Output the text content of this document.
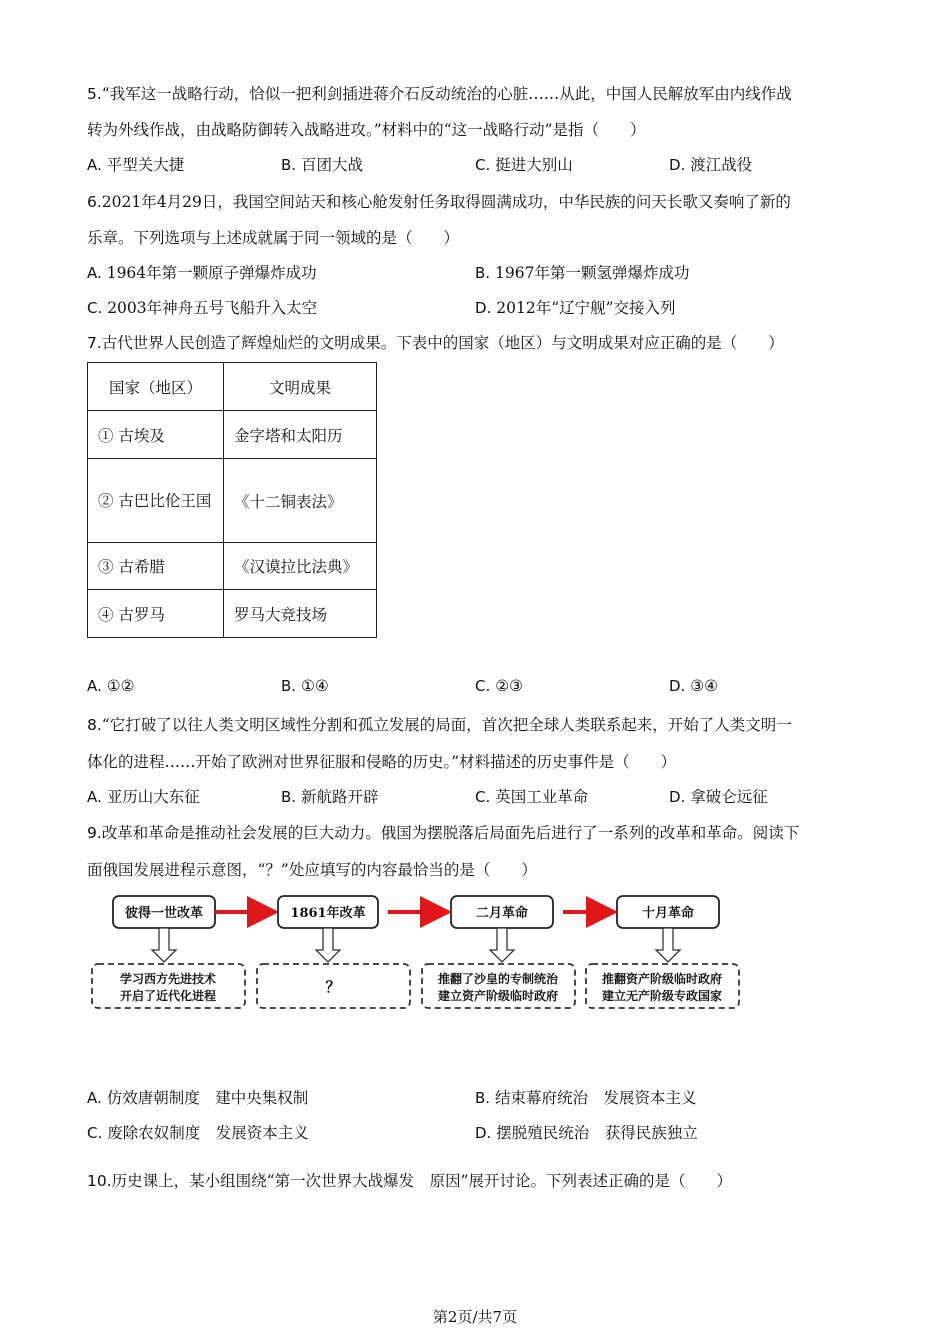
5.“我军这一战略行动，恰似一把利剑插进蒋介石反动统治的心脏……从此，中国人民解放军由内线作战
转为外线作战，由战略防御转入战略进攻。”材料中的“这一战略行动”是指（　　）
A. 平型关大捷	B. 百团大战	C. 挺进大别山	D. 渡江战役
6.2021年4月29日，我国空间站天和核心舱发射任务取得圆满成功，中华民族的问天长歌又奏响了新的
乐章。下列选项与上述成就属于同一领域的是（　　）
A. 1964年第一颗原子弹爆炸成功	B. 1967年第一颗氢弹爆炸成功
C. 2003年神舟五号飞船升入太空	D. 2012年“辽宁舰”交接入列
7.古代世界人民创造了辉煌灿烂的文明成果。下表中的国家（地区）与文明成果对应正确的是（　　）
国家（地区）	文明成果
① 古埃及	金字塔和太阳历
② 古巴比伦王国	《十二铜表法》
③ 古希腊	《汉谟拉比法典》
④ 古罗马	罗马大竞技场
A. ①②	B. ①④	C. ②③	D. ③④
8.“它打破了以往人类文明区域性分割和孤立发展的局面，首次把全球人类联系起来，开始了人类文明一
体化的进程……开始了欧洲对世界征服和侵略的历史。”材料描述的历史事件是（　　）
A. 亚历山大东征	B. 新航路开辟	C. 英国工业革命	D. 拿破仑远征
9.改革和革命是推动社会发展的巨大动力。俄国为摆脱落后局面先后进行了一系列的改革和革命。阅读下
面俄国发展进程示意图，“？”处应填写的内容最恰当的是（　　）
彼得一世改革	1861年改革	二月革命	十月革命
学习西方先进技术
开启了近代化进程	？	推翻了沙皇的专制统治
建立资产阶级临时政府
推翻资产阶级临时政府
建立无产阶级专政国家
A. 仿效唐朝制度　建中央集权制	B. 结束幕府统治　发展资本主义
C. 废除农奴制度　发展资本主义	D. 摆脱殖民统治　获得民族独立
10.历史课上，某小组围绕“第一次世界大战爆发　原因”展开讨论。下列表述正确的是（　　）
第2页/共7页
